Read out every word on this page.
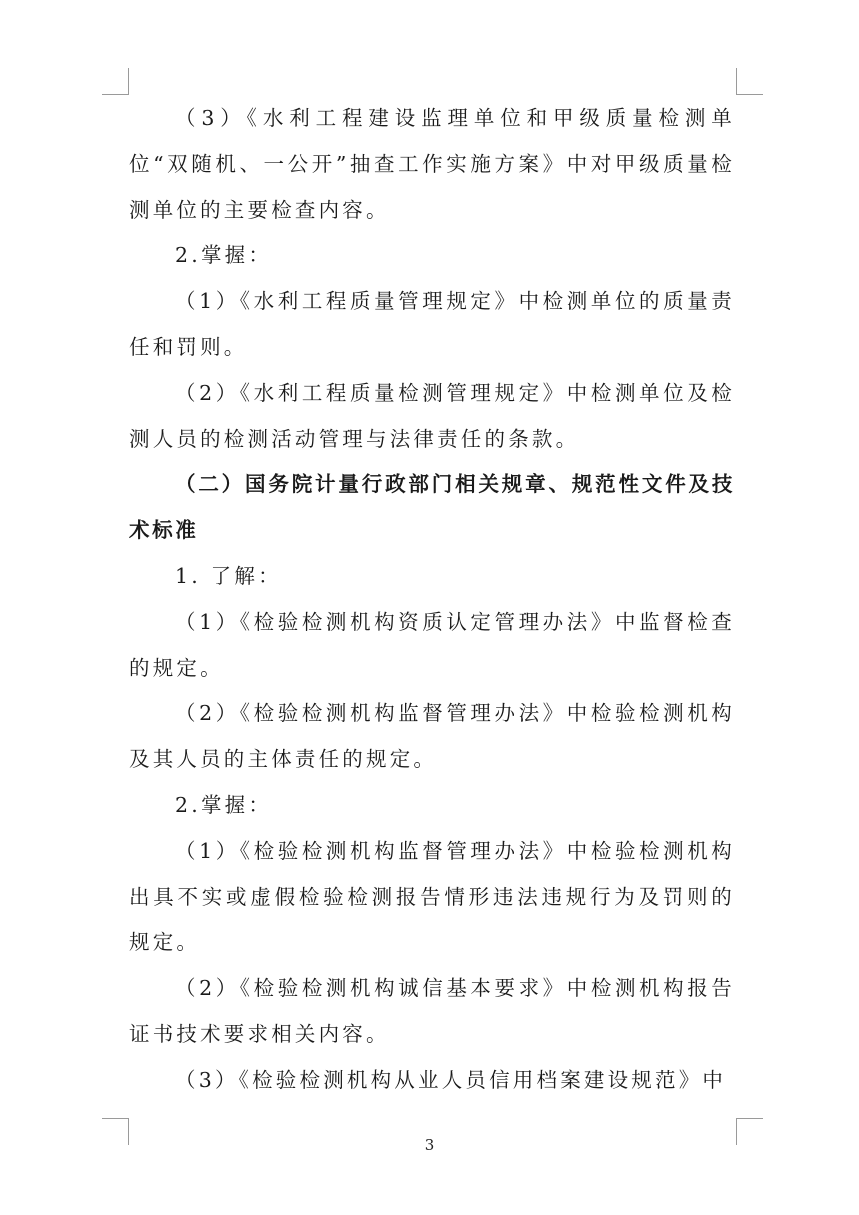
（3）《水利工程建设监理单位和甲级质量检测单位“双随机、一公开”抽查工作实施方案》中对甲级质量检测单位的主要检查内容。

2.掌握：

（1）《水利工程质量管理规定》中检测单位的质量责任和罚则。

（2）《水利工程质量检测管理规定》中检测单位及检测人员的检测活动管理与法律责任的条款。

（二）国务院计量行政部门相关规章、规范性文件及技术标准

1. 了解：

（1）《检验检测机构资质认定管理办法》中监督检查的规定。

（2）《检验检测机构监督管理办法》中检验检测机构及其人员的主体责任的规定。

2.掌握：

（1）《检验检测机构监督管理办法》中检验检测机构出具不实或虚假检验检测报告情形违法违规行为及罚则的规定。

（2）《检验检测机构诚信基本要求》中检测机构报告证书技术要求相关内容。

（3）《检验检测机构从业人员信用档案建设规范》中

3
